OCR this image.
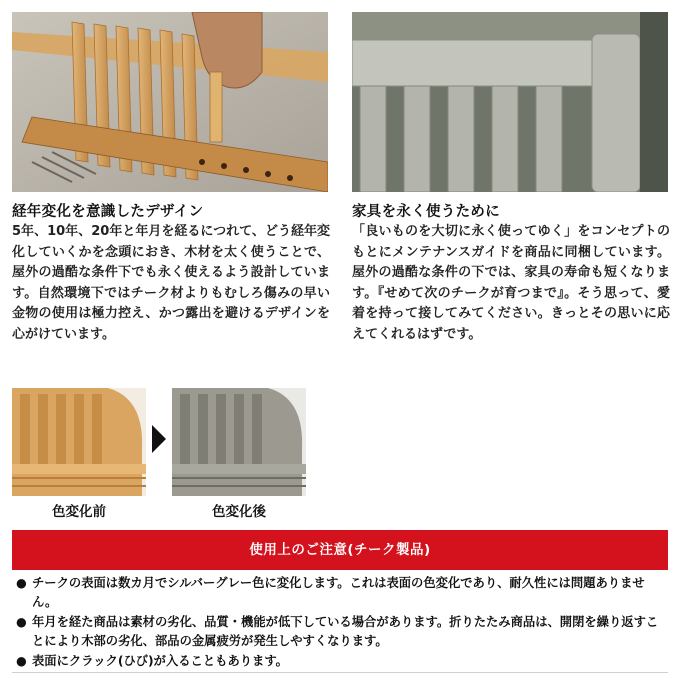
経年変化を意識したデザイン
5年、10年、20年と年月を経るにつれて、どう経年変化していくかを念頭におき、木材を太く使うことで、屋外の過酷な条件下でも永く使えるよう設計しています。自然環境下ではチーク材よりもむしろ傷みの早い金物の使用は極力控え、かつ露出を避けるデザインを心がけています。
家具を永く使うために
「良いものを大切に永く使ってゆく」をコンセプトのもとにメンテナンスガイドを商品に同梱しています。屋外の過酷な条件の下では、家具の寿命も短くなります。『せめて次のチークが育つまで』。そう思って、愛着を持って接してみてください。きっとその思いに応えてくれるはずです。
色変化前	色変化後
使用上のご注意(チーク製品)
● チークの表面は数カ月でシルバーグレー色に変化します。これは表面の色変化であり、耐久性には問題ありません。
● 年月を経た商品は素材の劣化、品質・機能が低下している場合があります。折りたたみ商品は、開閉を繰り返すことにより木部の劣化、部品の金属疲労が発生しやすくなります。
● 表面にクラック(ひび)が入ることもあります。
